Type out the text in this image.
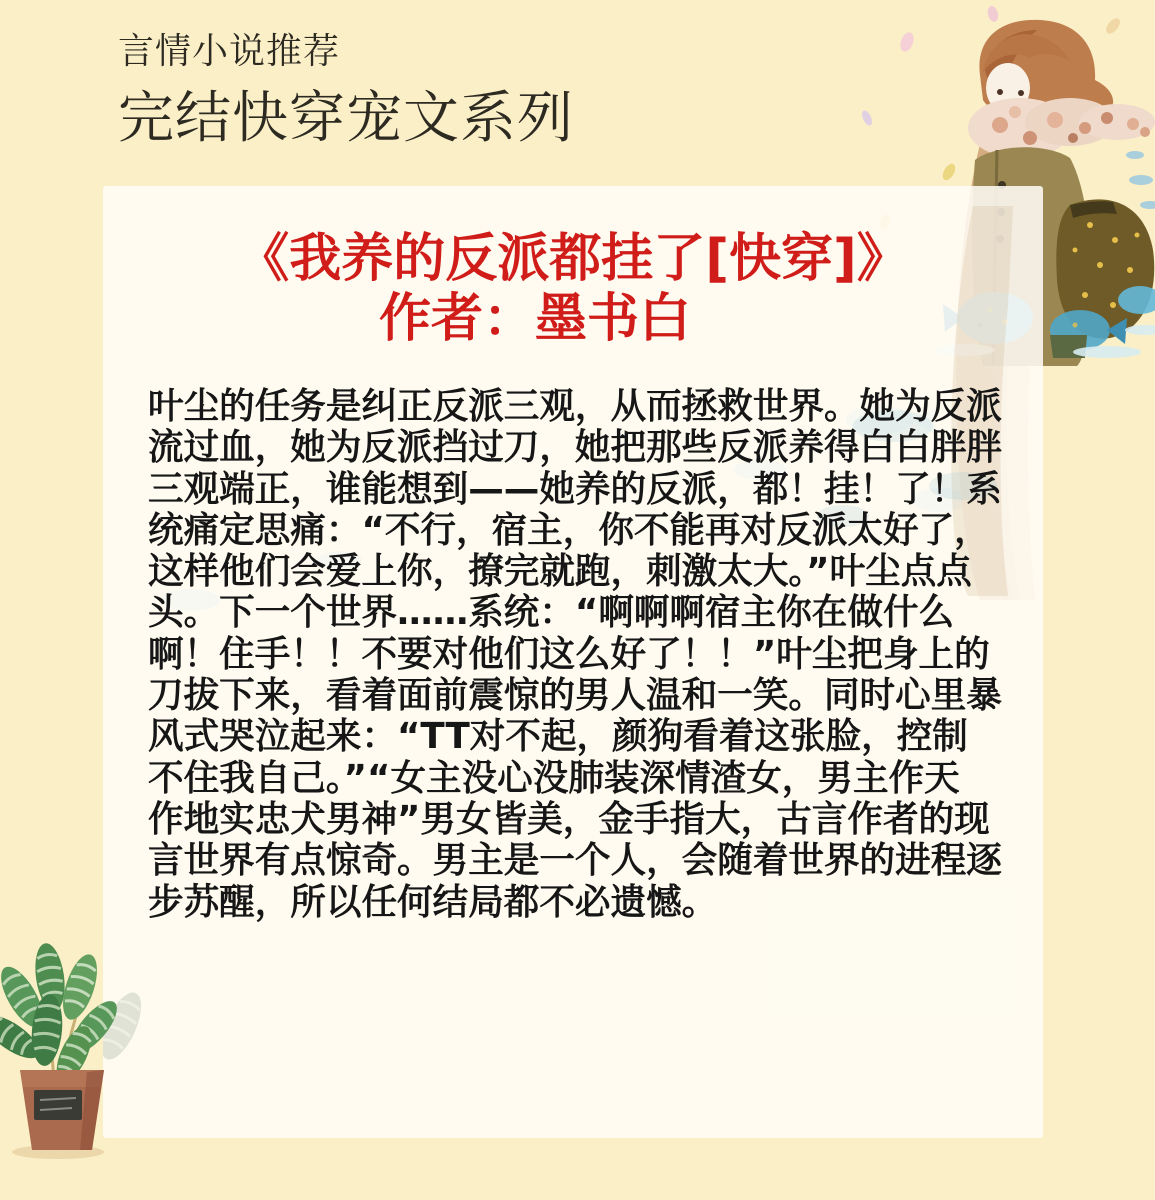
言情小说推荐
完结快穿宠文系列
《我养的反派都挂了[快穿]》
作者：墨书白
叶尘的任务是纠正反派三观，从而拯救世界。她为反派
流过血，她为反派挡过刀，她把那些反派养得白白胖胖
三观端正，谁能想到——她养的反派，都！挂！了！系
统痛定思痛：“不行，宿主，你不能再对反派太好了，
这样他们会爱上你，撩完就跑，刺激太大。”叶尘点点
头。下一个世界……系统：“啊啊啊宿主你在做什么
啊！住手！！不要对他们这么好了！！”叶尘把身上的
刀拔下来，看着面前震惊的男人温和一笑。同时心里暴
风式哭泣起来：“TT对不起，颜狗看着这张脸，控制
不住我自己。”“女主没心没肺装深情渣女，男主作天
作地实忠犬男神”男女皆美，金手指大，古言作者的现
言世界有点惊奇。男主是一个人，会随着世界的进程逐
步苏醒，所以任何结局都不必遗憾。
